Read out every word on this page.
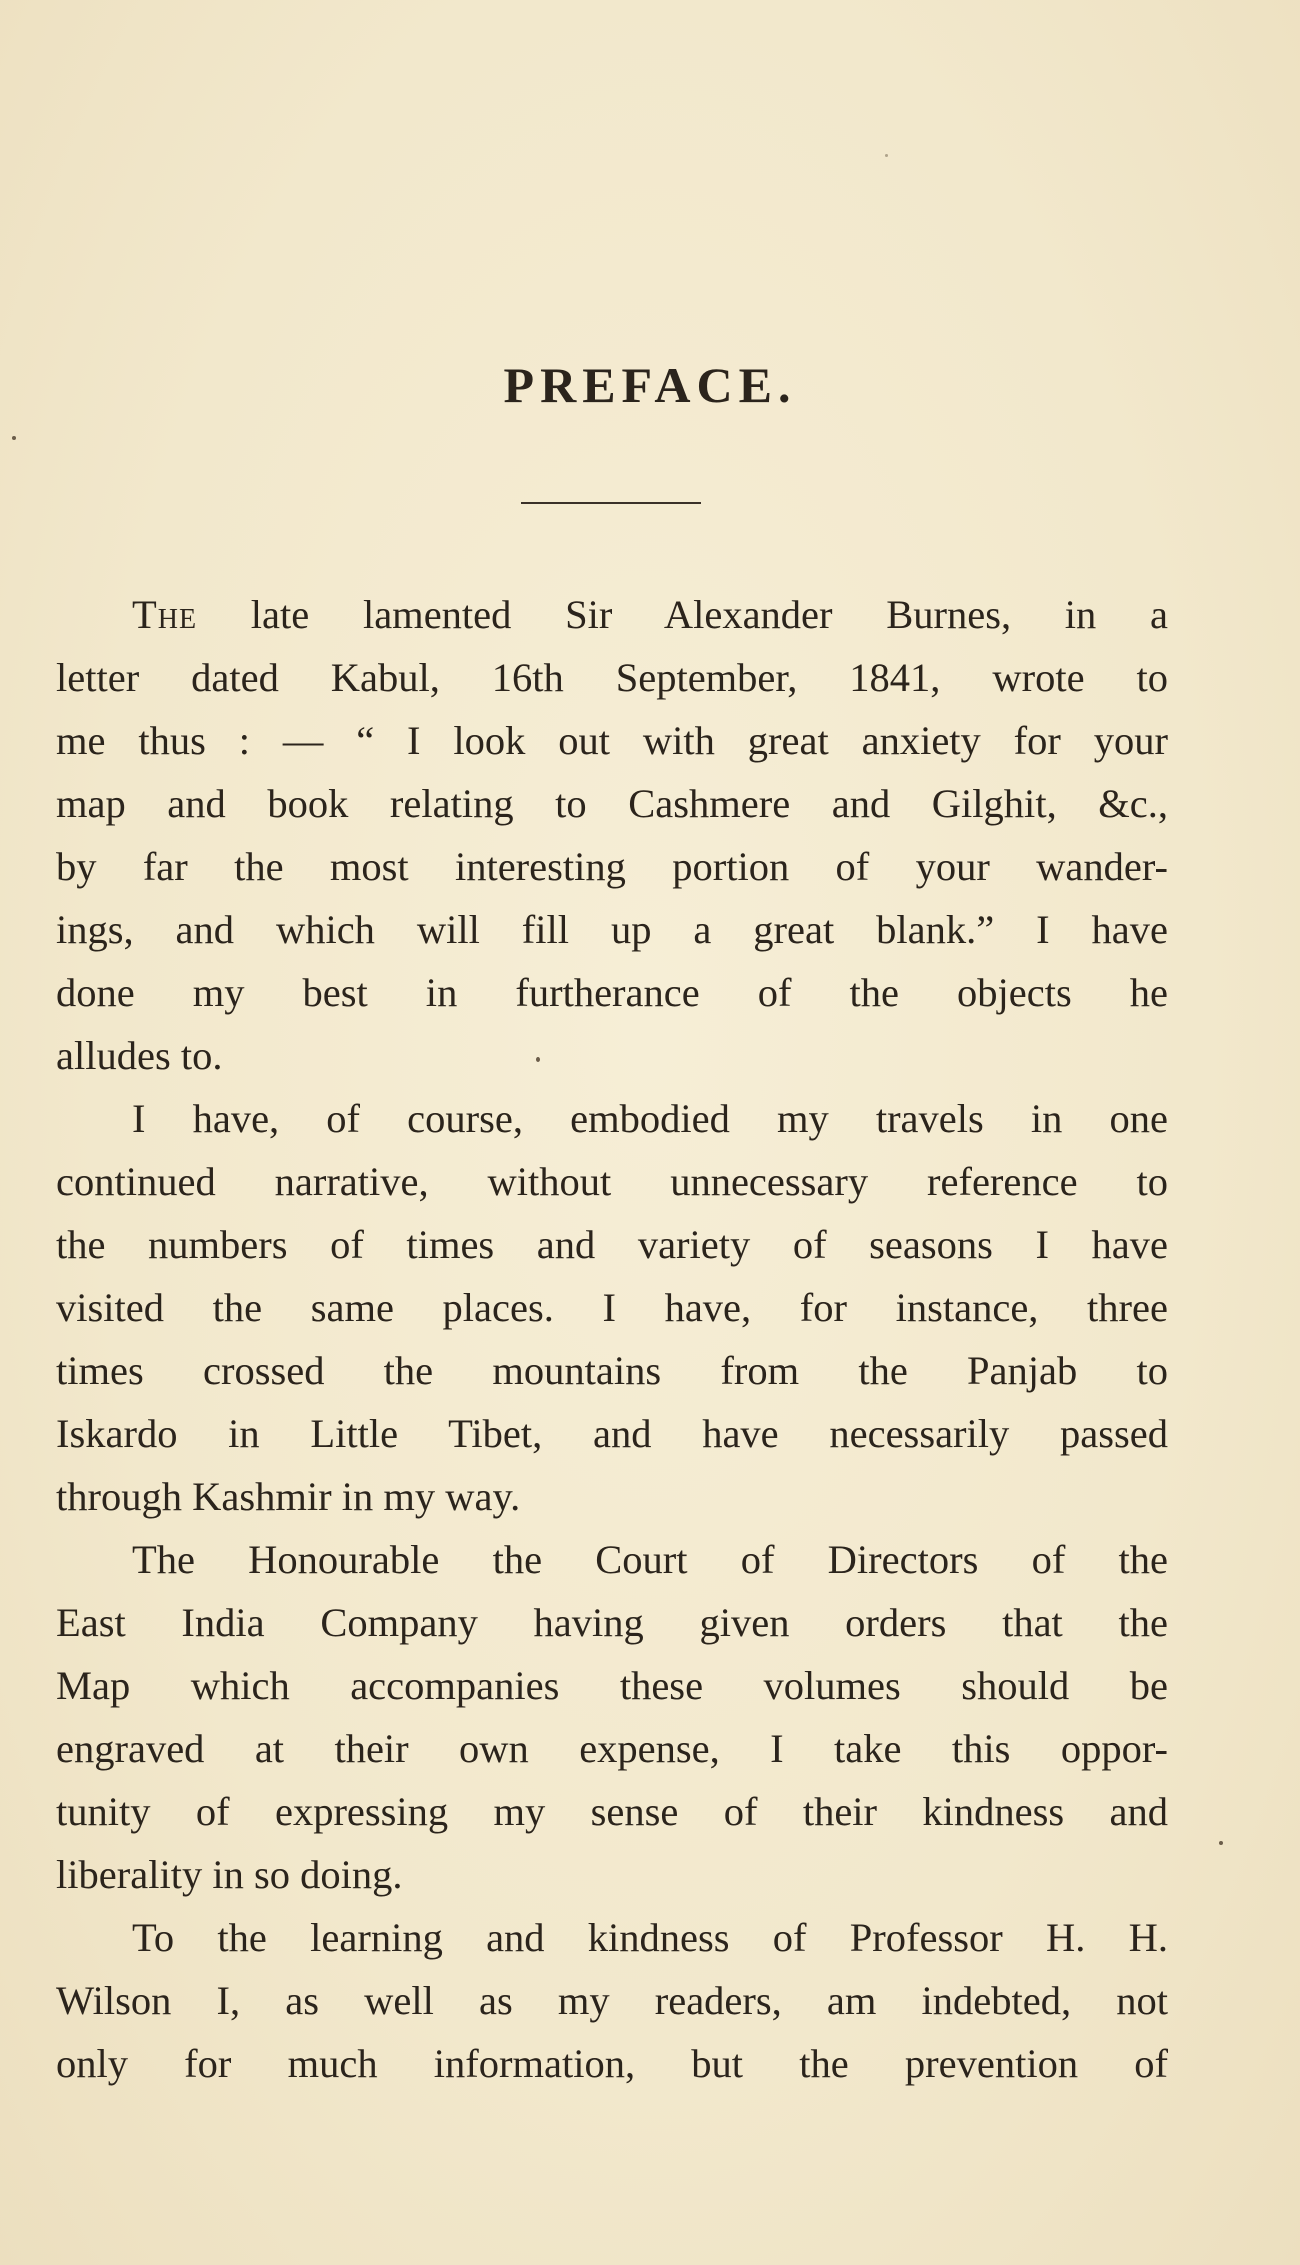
PREFACE.
The late lamented Sir Alexander Burnes, in a
letter dated Kabul, 16th September, 1841, wrote to
me thus : — “ I look out with great anxiety for your
map and book relating to Cashmere and Gilghit, &c.,
by far the most interesting portion of your wander-
ings, and which will fill up a great blank.” I have
done my best in furtherance of the objects he
alludes to.
I have, of course, embodied my travels in one
continued narrative, without unnecessary reference to
the numbers of times and variety of seasons I have
visited the same places. I have, for instance, three
times crossed the mountains from the Panjab to
Iskardo in Little Tibet, and have necessarily passed
through Kashmir in my way.
The Honourable the Court of Directors of the
East India Company having given orders that the
Map which accompanies these volumes should be
engraved at their own expense, I take this oppor-
tunity of expressing my sense of their kindness and
liberality in so doing.
To the learning and kindness of Professor H. H.
Wilson I, as well as my readers, am indebted, not
only for much information, but the prevention of
